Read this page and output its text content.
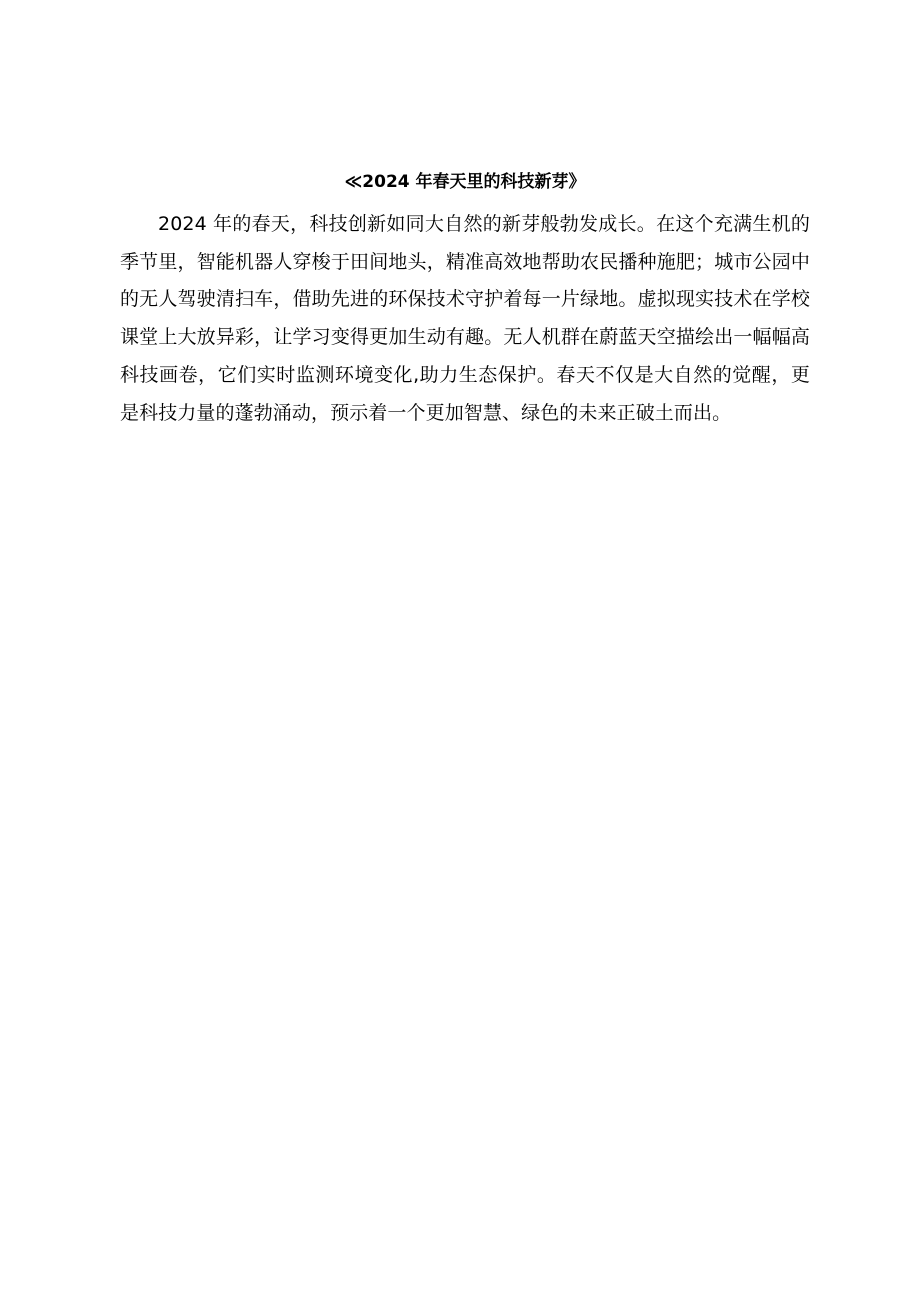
≪2024 年春天里的科技新芽》

2024 年的春天，科技创新如同大自然的新芽般勃发成长。在这个充满生机的季节里，智能机器人穿梭于田间地头，精准高效地帮助农民播种施肥；城市公园中的无人驾驶清扫车，借助先进的环保技术守护着每一片绿地。虚拟现实技术在学校课堂上大放异彩，让学习变得更加生动有趣。无人机群在蔚蓝天空描绘出一幅幅高科技画卷，它们实时监测环境变化,助力生态保护。春天不仅是大自然的觉醒，更是科技力量的蓬勃涌动，预示着一个更加智慧、绿色的未来正破土而出。
